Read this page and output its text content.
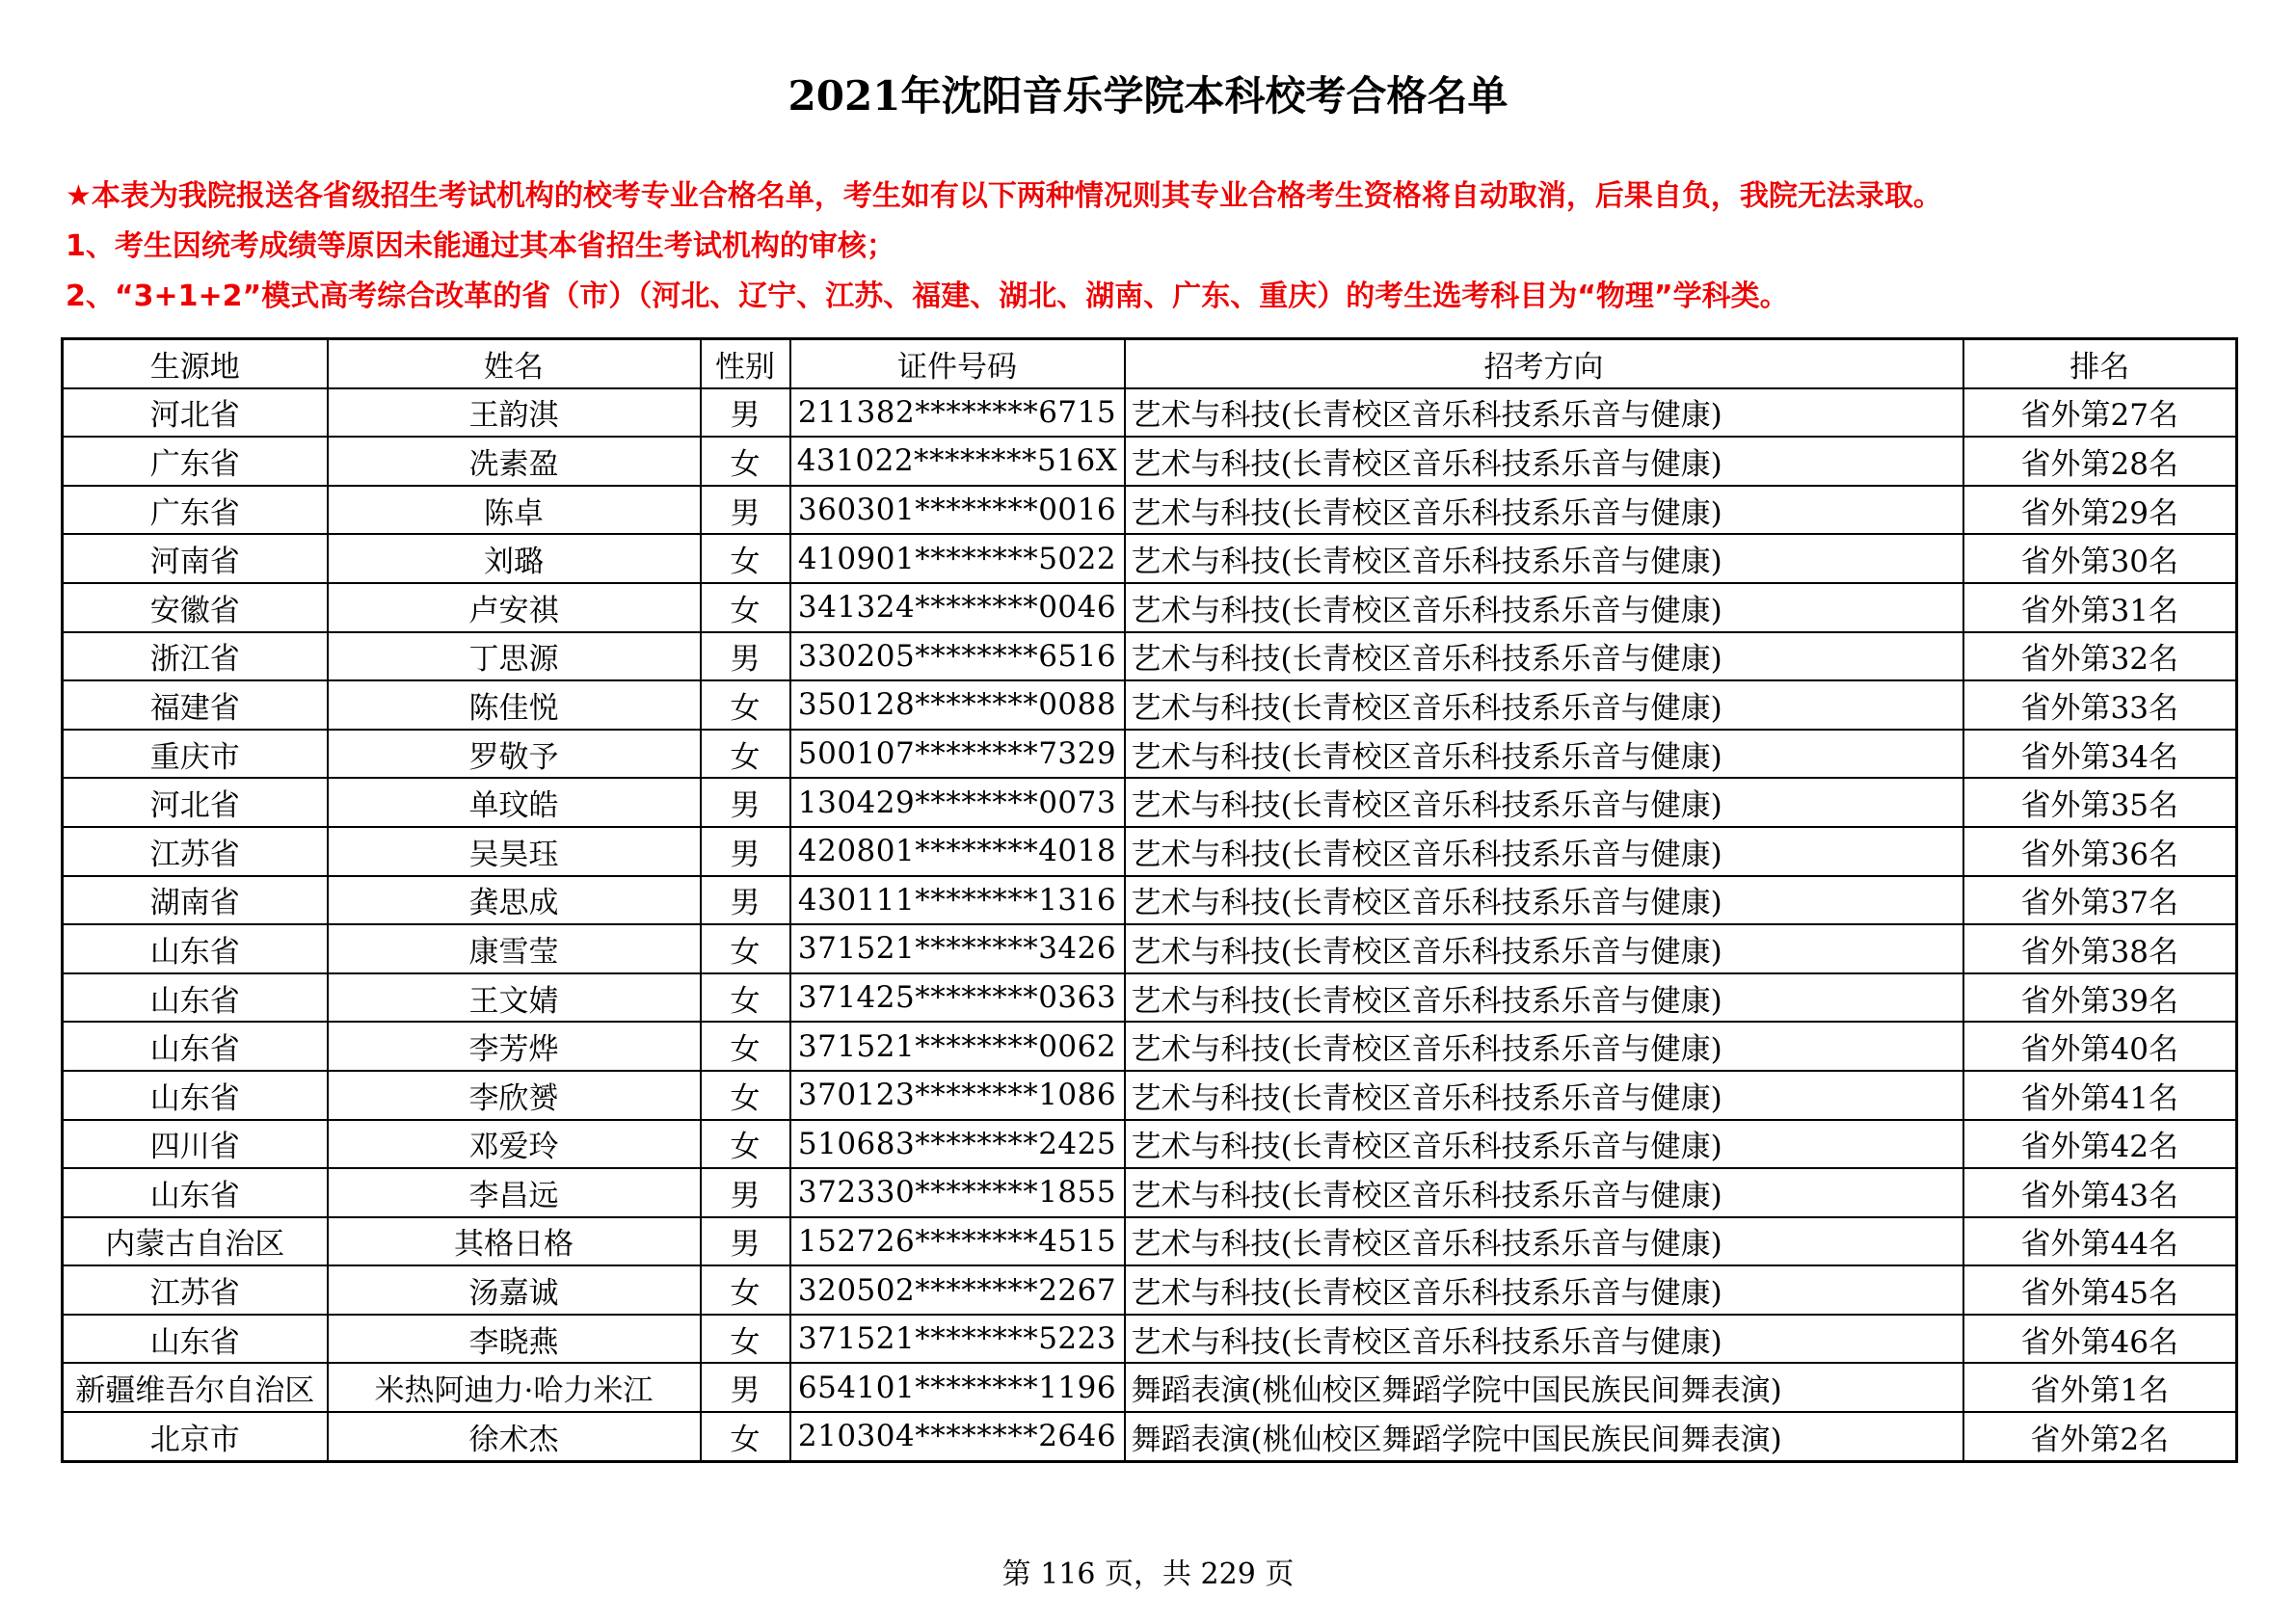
2021年沈阳音乐学院本科校考合格名单
★本表为我院报送各省级招生考试机构的校考专业合格名单，考生如有以下两种情况则其专业合格考生资格将自动取消，后果自负，我院无法录取。
1、考生因统考成绩等原因未能通过其本省招生考试机构的审核；
2、“3+1+2”模式高考综合改革的省（市）（河北、辽宁、江苏、福建、湖北、湖南、广东、重庆）的考生选考科目为“物理”学科类。
生源地	姓名	性别	证件号码	招考方向	排名
河北省	王韵淇	男	211382********6715	艺术与科技(长青校区音乐科技系乐音与健康)	省外第27名
广东省	冼素盈	女	431022********516X	艺术与科技(长青校区音乐科技系乐音与健康)	省外第28名
广东省	陈卓	男	360301********0016	艺术与科技(长青校区音乐科技系乐音与健康)	省外第29名
河南省	刘璐	女	410901********5022	艺术与科技(长青校区音乐科技系乐音与健康)	省外第30名
安徽省	卢安祺	女	341324********0046	艺术与科技(长青校区音乐科技系乐音与健康)	省外第31名
浙江省	丁思源	男	330205********6516	艺术与科技(长青校区音乐科技系乐音与健康)	省外第32名
福建省	陈佳悦	女	350128********0088	艺术与科技(长青校区音乐科技系乐音与健康)	省外第33名
重庆市	罗敬予	女	500107********7329	艺术与科技(长青校区音乐科技系乐音与健康)	省外第34名
河北省	单玟皓	男	130429********0073	艺术与科技(长青校区音乐科技系乐音与健康)	省外第35名
江苏省	吴昊珏	男	420801********4018	艺术与科技(长青校区音乐科技系乐音与健康)	省外第36名
湖南省	龚思成	男	430111********1316	艺术与科技(长青校区音乐科技系乐音与健康)	省外第37名
山东省	康雪莹	女	371521********3426	艺术与科技(长青校区音乐科技系乐音与健康)	省外第38名
山东省	王文婧	女	371425********0363	艺术与科技(长青校区音乐科技系乐音与健康)	省外第39名
山东省	李芳烨	女	371521********0062	艺术与科技(长青校区音乐科技系乐音与健康)	省外第40名
山东省	李欣赟	女	370123********1086	艺术与科技(长青校区音乐科技系乐音与健康)	省外第41名
四川省	邓爱玲	女	510683********2425	艺术与科技(长青校区音乐科技系乐音与健康)	省外第42名
山东省	李昌远	男	372330********1855	艺术与科技(长青校区音乐科技系乐音与健康)	省外第43名
内蒙古自治区	其格日格	男	152726********4515	艺术与科技(长青校区音乐科技系乐音与健康)	省外第44名
江苏省	汤嘉诚	女	320502********2267	艺术与科技(长青校区音乐科技系乐音与健康)	省外第45名
山东省	李晓燕	女	371521********5223	艺术与科技(长青校区音乐科技系乐音与健康)	省外第46名
新疆维吾尔自治区	米热阿迪力·哈力米江	男	654101********1196	舞蹈表演(桃仙校区舞蹈学院中国民族民间舞表演)	省外第1名
北京市	徐术杰	女	210304********2646	舞蹈表演(桃仙校区舞蹈学院中国民族民间舞表演)	省外第2名
第 116 页，共 229 页
